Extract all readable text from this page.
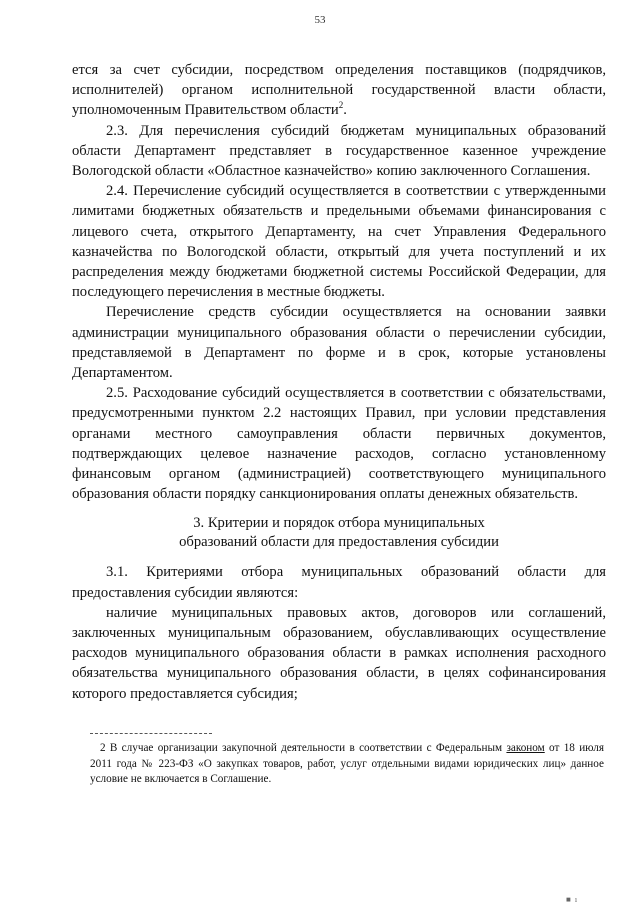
53

ется за счет субсидии, посредством определения поставщиков (подрядчиков, исполнителей) органом исполнительной государственной власти области, уполномоченным Правительством области$^2$.

2.3. Для перечисления субсидий бюджетам муниципальных образований области Департамент представляет в государственное казенное учреждение Вологодской области «Областное казначейство» копию заключенного Соглашения.

2.4. Перечисление субсидий осуществляется в соответствии с утвержденными лимитами бюджетных обязательств и предельными объемами финансирования с лицевого счета, открытого Департаменту, на счет Управления Федерального казначейства по Вологодской области, открытый для учета поступлений и их распределения между бюджетами бюджетной системы Российской Федерации, для последующего перечисления в местные бюджеты.

Перечисление средств субсидии осуществляется на основании заявки администрации муниципального образования области о перечислении субсидии, представляемой в Департамент по форме и в срок, которые установлены Департаментом.

2.5. Расходование субсидий осуществляется в соответствии с обязательствами, предусмотренными пунктом 2.2 настоящих Правил, при условии представления органами местного самоуправления области первичных документов, подтверждающих целевое назначение расходов, согласно установленному финансовым органом (администрацией) соответствующего муниципального образования области порядку санкционирования оплаты денежных обязательств.

3. Критерии и порядок отбора муниципальных
образований области для предоставления субсидии

3.1. Критериями отбора муниципальных образований области для предоставления субсидии являются:

наличие муниципальных правовых актов, договоров или соглашений, заключенных муниципальным образованием, обуславливающих осуществление расходов муниципального образования области в рамках исполнения расходного обязательства муниципального образования области, в целях софинансирования которого предоставляется субсидия;

2 В случае организации закупочной деятельности в соответствии с Федеральным законом от 18 июля 2011 года № 223-ФЗ «О закупках товаров, работ, услуг отдельными видами юридических лиц» данное условие не включается в Соглашение.
■ ı
